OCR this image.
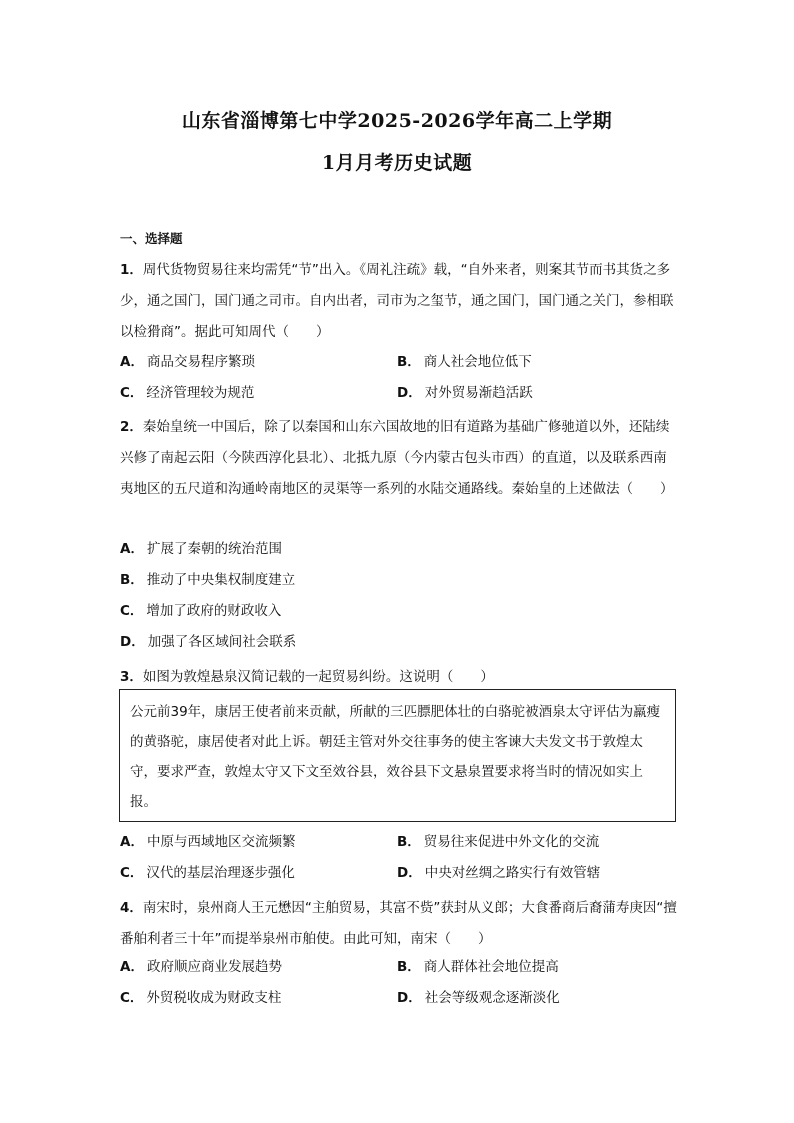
山东省淄博第七中学2025-2026学年高二上学期
1月月考历史试题
一、选择题
1．周代货物贸易往来均需凭“节”出入。《周礼注疏》载，“自外来者，则案其节而书其货之多少，通之国门，国门通之司市。自内出者，司市为之玺节，通之国门，国门通之关门，参相联以检猾商”。据此可知周代（　　）
A． 商品交易程序繁琐	B． 商人社会地位低下
C． 经济管理较为规范	D． 对外贸易渐趋活跃
2．秦始皇统一中国后，除了以秦国和山东六国故地的旧有道路为基础广修驰道以外，还陆续兴修了南起云阳（今陕西淳化县北）、北抵九原（今内蒙古包头市西）的直道，以及联系西南夷地区的五尺道和沟通岭南地区的灵渠等一系列的水陆交通路线。秦始皇的上述做法（　　）
A． 扩展了秦朝的统治范围
B． 推动了中央集权制度建立
C． 增加了政府的财政收入
D． 加强了各区域间社会联系
3．如图为敦煌悬泉汉简记载的一起贸易纠纷。这说明（　　）
公元前39年，康居王使者前来贡献，所献的三匹膘肥体壮的白骆驼被酒泉太守评估为羸瘦的黄骆驼，康居使者对此上诉。朝廷主管对外交往事务的使主客谏大夫发文书于敦煌太守，要求严查，敦煌太守又下文至效谷县，效谷县下文悬泉置要求将当时的情况如实上报。
A． 中原与西域地区交流频繁	B． 贸易往来促进中外文化的交流
C． 汉代的基层治理逐步强化	D． 中央对丝绸之路实行有效管辖
4．南宋时，泉州商人王元懋因“主舶贸易，其富不赀”获封从义郎；大食番商后裔蒲寿庚因“擅番舶利者三十年”而提举泉州市舶使。由此可知，南宋（　　）
A． 政府顺应商业发展趋势	B． 商人群体社会地位提高
C． 外贸税收成为财政支柱	D． 社会等级观念逐渐淡化
